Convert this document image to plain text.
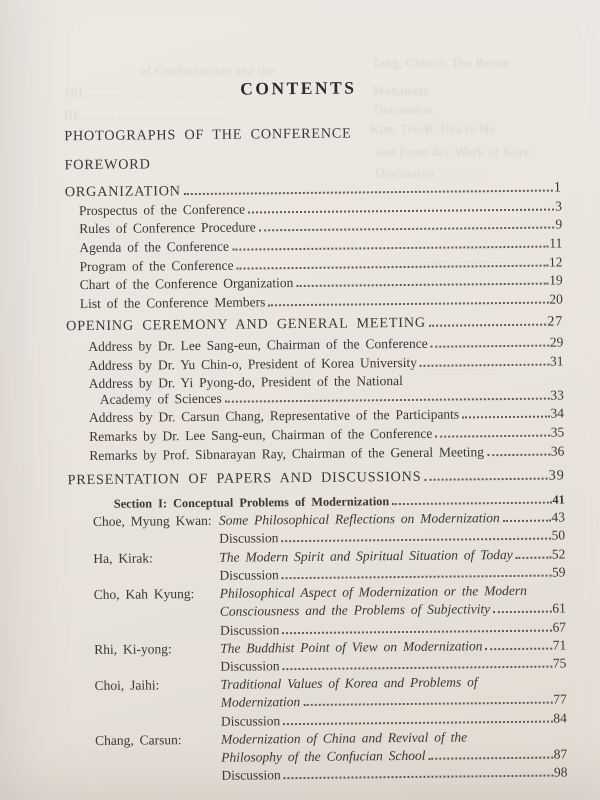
Tang, Chun-i: The Recon
of Confucianism and the
181...........................................	Mohandas
III.........................................	Discussion.
Kim, Tee-R: Ilea to He
and From day Work of Kore
Discussion ..............
........................
..................
.......................
CONTENTS
PHOTOGRAPHS OF THE CONFERENCE
FOREWORD
ORGANIZATION	1
Prospectus of the Conference	3
Rules of Conference Procedure	9
Agenda of the Conference	11
Program of the Conference	12
Chart of the Conference Organization	19
List of the Conference Members	20
OPENING CEREMONY AND GENERAL MEETING	27
Address by Dr. Lee Sang-eun, Chairman of the Conference	29
Address by Dr. Yu Chin-o, President of Korea University	31
Address by Dr. Yi Pyong-do, President of the National
Academy of Sciences	33
Address by Dr. Carsun Chang, Representative of the Participants	34
Remarks by Dr. Lee Sang-eun, Chairman of the Conference	35
Remarks by Prof. Sibnarayan Ray, Chairman of the General Meeting	36
PRESENTATION OF PAPERS AND DISCUSSIONS	39
Section I: Conceptual Problems of Modernization	41
Choe, Myung Kwan: Some Philosophical Reflections on Modernization	43
Discussion	50
Ha, Kirak:	The Modern Spirit and Spiritual Situation of Today	52
Discussion	59
Cho, Kah Kyung:	Philosophical Aspect of Modernization or the Modern
Consciousness and the Problems of Subjectivity	61
Discussion	67
Rhi, Ki-yong:	The Buddhist Point of View on Modernization	71
Discussion	75
Choi, Jaihi:	Traditional Values of Korea and Problems of
Modernization	77
Discussion	84
Chang, Carsun:	Modernization of China and Revival of the
Philosophy of the Confucian School	87
Discussion	98
